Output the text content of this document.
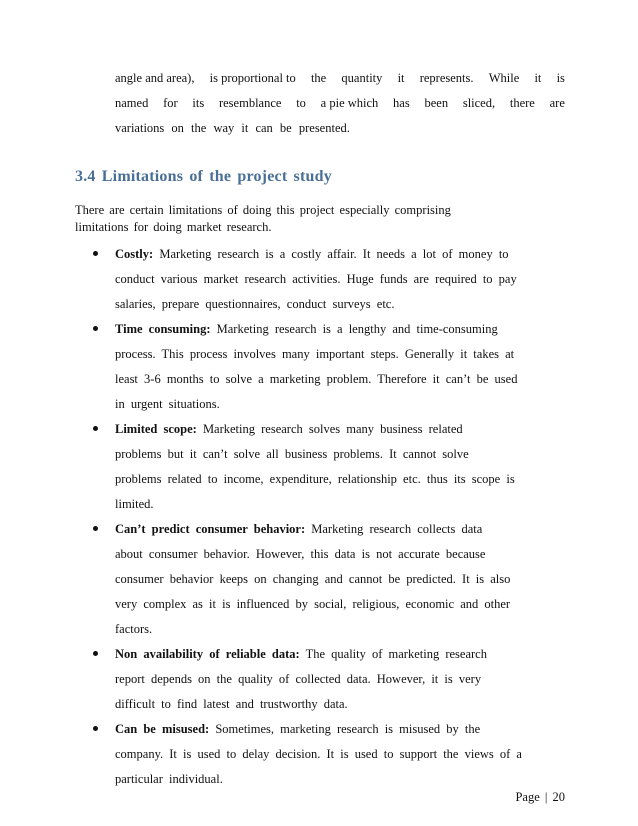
angle and area), is proportional to the quantity it represents. While it is
named for its resemblance to a pie which has been sliced, there are
variations on the way it can be presented.
3.4 Limitations of the project study
There are certain limitations of doing this project especially comprising
limitations for doing market research.
Costly: Marketing research is a costly affair. It needs a lot of money to
conduct various market research activities. Huge funds are required to pay
salaries, prepare questionnaires, conduct surveys etc.
Time consuming: Marketing research is a lengthy and time-consuming
process. This process involves many important steps. Generally it takes at
least 3-6 months to solve a marketing problem. Therefore it can’t be used
in urgent situations.
Limited scope: Marketing research solves many business related
problems but it can’t solve all business problems. It cannot solve
problems related to income, expenditure, relationship etc. thus its scope is
limited.
Can’t predict consumer behavior: Marketing research collects data
about consumer behavior. However, this data is not accurate because
consumer behavior keeps on changing and cannot be predicted. It is also
very complex as it is influenced by social, religious, economic and other
factors.
Non availability of reliable data: The quality of marketing research
report depends on the quality of collected data. However, it is very
difficult to find latest and trustworthy data.
Can be misused: Sometimes, marketing research is misused by the
company. It is used to delay decision. It is used to support the views of a
particular individual.
Page | 20
